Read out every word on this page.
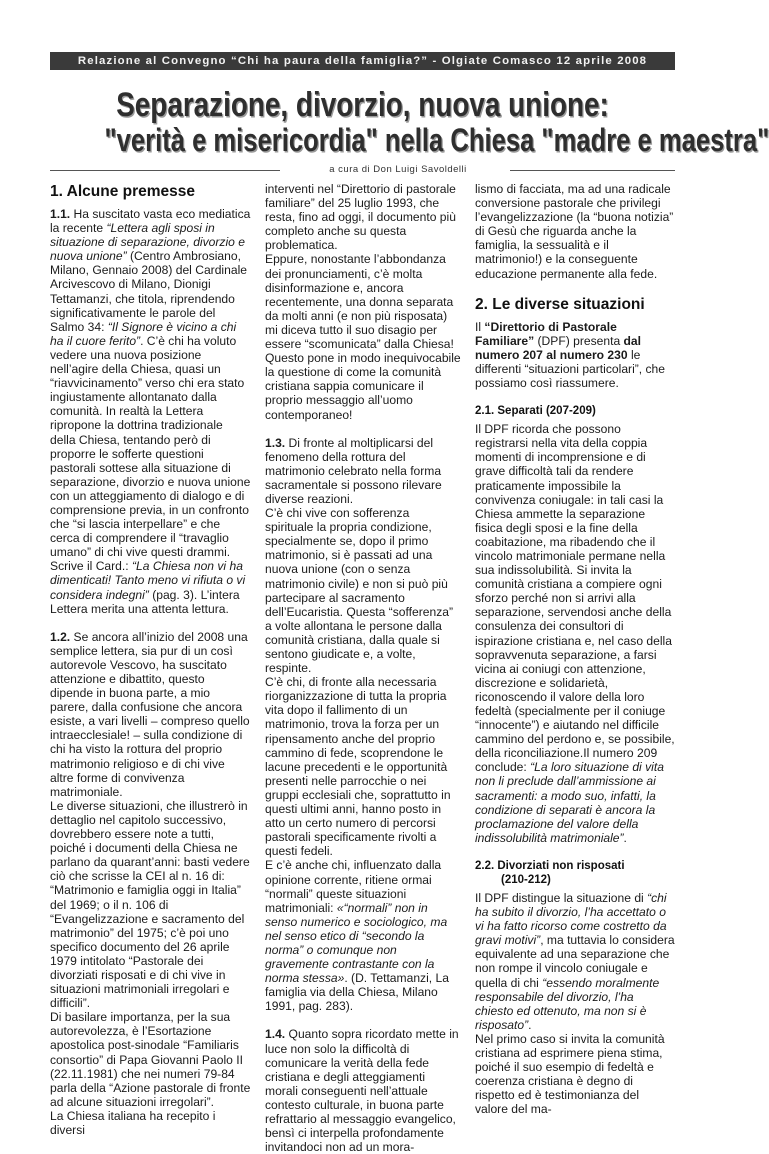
Relazione al Convegno “Chi ha paura della famiglia?” - Olgiate Comasco 12 aprile 2008
Separazione, divorzio, nuova unione:
"verità e misericordia" nella Chiesa "madre e maestra"
a cura di Don Luigi Savoldelli
1. Alcune premesse

1.1. Ha suscitato vasta eco mediatica la recente “Lettera agli sposi in situazione di separazione, divorzio e nuova unione” (Centro Ambrosiano, Milano, Gennaio 2008) del Cardinale Arcivescovo di Milano, Dionigi Tettamanzi, che titola, riprendendo significativamente le parole del Salmo 34: “Il Signore è vicino a chi ha il cuore ferito”. C’è chi ha voluto vedere una nuova posizione nell’agire della Chiesa, quasi un “riavvicinamento” verso chi era stato ingiustamente allontanato dalla comunità. In realtà la Lettera ripropone la dottrina tradizionale della Chiesa, tentando però di proporre le sofferte questioni pastorali sottese alla situazione di separazione, divorzio e nuova unione con un atteggiamento di dialogo e di comprensione previa, in un confronto che “si lascia interpellare” e che cerca di comprendere il “travaglio umano” di chi vive questi drammi. Scrive il Card.: “La Chiesa non vi ha dimenticati! Tanto meno vi rifiuta o vi considera indegni” (pag. 3). L’intera Lettera merita una attenta lettura.

1.2. Se ancora all’inizio del 2008 una semplice lettera, sia pur di un così autorevole Vescovo, ha suscitato attenzione e dibattito, questo dipende in buona parte, a mio parere, dalla confusione che ancora esiste, a vari livelli – compreso quello intraecclesiale! – sulla condizione di chi ha visto la rottura del proprio matrimonio religioso e di chi vive altre forme di convivenza matrimoniale.

Le diverse situazioni, che illustrerò in dettaglio nel capitolo successivo, dovrebbero essere note a tutti, poiché i documenti della Chiesa ne parlano da quarant’anni: basti vedere ciò che scrisse la CEI al n. 16 di: “Matrimonio e famiglia oggi in Italia” del 1969; o il n. 106 di “Evangelizzazione e sacramento del matrimonio” del 1975; c’è poi uno specifico documento del 26 aprile 1979 intitolato “Pastorale dei divorziati risposati e di chi vive in situazioni matrimoniali irregolari e difficili”.

Di basilare importanza, per la sua autorevolezza, è l’Esortazione apostolica post-sinodale “Familiaris consortio” di Papa Giovanni Paolo II (22.11.1981) che nei numeri 79-84 parla della “Azione pastorale di fronte ad alcune situazioni irregolari”.

La Chiesa italiana ha recepito i diversi

interventi nel “Direttorio di pastorale familiare” del 25 luglio 1993, che resta, fino ad oggi, il documento più completo anche su questa problematica.

Eppure, nonostante l’abbondanza dei pronunciamenti, c’è molta disinformazione e, ancora recentemente, una donna separata da molti anni (e non più risposata) mi diceva tutto il suo disagio per essere “scomunicata” dalla Chiesa! Questo pone in modo inequivocabile la questione di come la comunità cristiana sappia comunicare il proprio messaggio all’uomo contemporaneo!

1.3. Di fronte al moltiplicarsi del fenomeno della rottura del matrimonio celebrato nella forma sacramentale si possono rilevare diverse reazioni.

C’è chi vive con sofferenza spirituale la propria condizione, specialmente se, dopo il primo matrimonio, si è passati ad una nuova unione (con o senza matrimonio civile) e non si può più partecipare al sacramento dell’Eucaristia. Questa “sofferenza” a volte allontana le persone dalla comunità cristiana, dalla quale si sentono giudicate e, a volte, respinte.

C’è chi, di fronte alla necessaria riorganizzazione di tutta la propria vita dopo il fallimento di un matrimonio, trova la forza per un ripensamento anche del proprio cammino di fede, scoprendone le lacune precedenti e le opportunità presenti nelle parrocchie o nei gruppi ecclesiali che, soprattutto in questi ultimi anni, hanno posto in atto un certo numero di percorsi pastorali specificamente rivolti a questi fedeli.

E c’è anche chi, influenzato dalla opinione corrente, ritiene ormai “normali” queste situazioni matrimoniali: «“normali” non in senso numerico e sociologico, ma nel senso etico di “secondo la norma” o comunque non gravemente contrastante con la norma stessa». (D. Tettamanzi, La famiglia via della Chiesa, Milano 1991, pag. 283).

1.4. Quanto sopra ricordato mette in luce non solo la difficoltà di comunicare la verità della fede cristiana e degli atteggiamenti morali conseguenti nell’attuale contesto culturale, in buona parte refrattario al messaggio evangelico, bensì ci interpella profondamente invitandoci non ad un mora-

lismo di facciata, ma ad una radicale conversione pastorale che privilegi l’evangelizzazione (la “buona notizia” di Gesù che riguarda anche la famiglia, la sessualità e il matrimonio!) e la conseguente educazione permanente alla fede.

2. Le diverse situazioni

Il “Direttorio di Pastorale Familiare” (DPF) presenta dal numero 207 al numero 230 le differenti “situazioni particolari”, che possiamo così riassumere.

2.1. Separati (207-209)

Il DPF ricorda che possono registrarsi nella vita della coppia momenti di incomprensione e di grave difficoltà tali da rendere praticamente impossibile la convivenza coniugale: in tali casi la Chiesa ammette la separazione fisica degli sposi e la fine della coabitazione, ma ribadendo che il vincolo matrimoniale permane nella sua indissolubilità. Si invita la comunità cristiana a compiere ogni sforzo perché non si arrivi alla separazione, servendosi anche della consulenza dei consultori di ispirazione cristiana e, nel caso della sopravvenuta separazione, a farsi vicina ai coniugi con attenzione, discrezione e solidarietà, riconoscendo il valore della loro fedeltà (specialmente per il coniuge “innocente”) e aiutando nel difficile cammino del perdono e, se possibile, della riconciliazione.Il numero 209 conclude: “La loro situazione di vita non li preclude dall’ammissione ai sacramenti: a modo suo, infatti, la condizione di separati è ancora la proclamazione del valore della indissolubilità matrimoniale”.

2.2. Divorziati non risposati
(210-212)

Il DPF distingue la situazione di “chi ha subito il divorzio, l’ha accettato o vi ha fatto ricorso come costretto da gravi motivi”, ma tuttavia lo considera equivalente ad una separazione che non rompe il vincolo coniugale e quella di chi “essendo moralmente responsabile del divorzio, l’ha chiesto ed ottenuto, ma non si è risposato”.

Nel primo caso si invita la comunità cristiana ad esprimere piena stima, poiché il suo esempio di fedeltà e coerenza cristiana è degno di rispetto ed è testimonianza del valore del ma-
